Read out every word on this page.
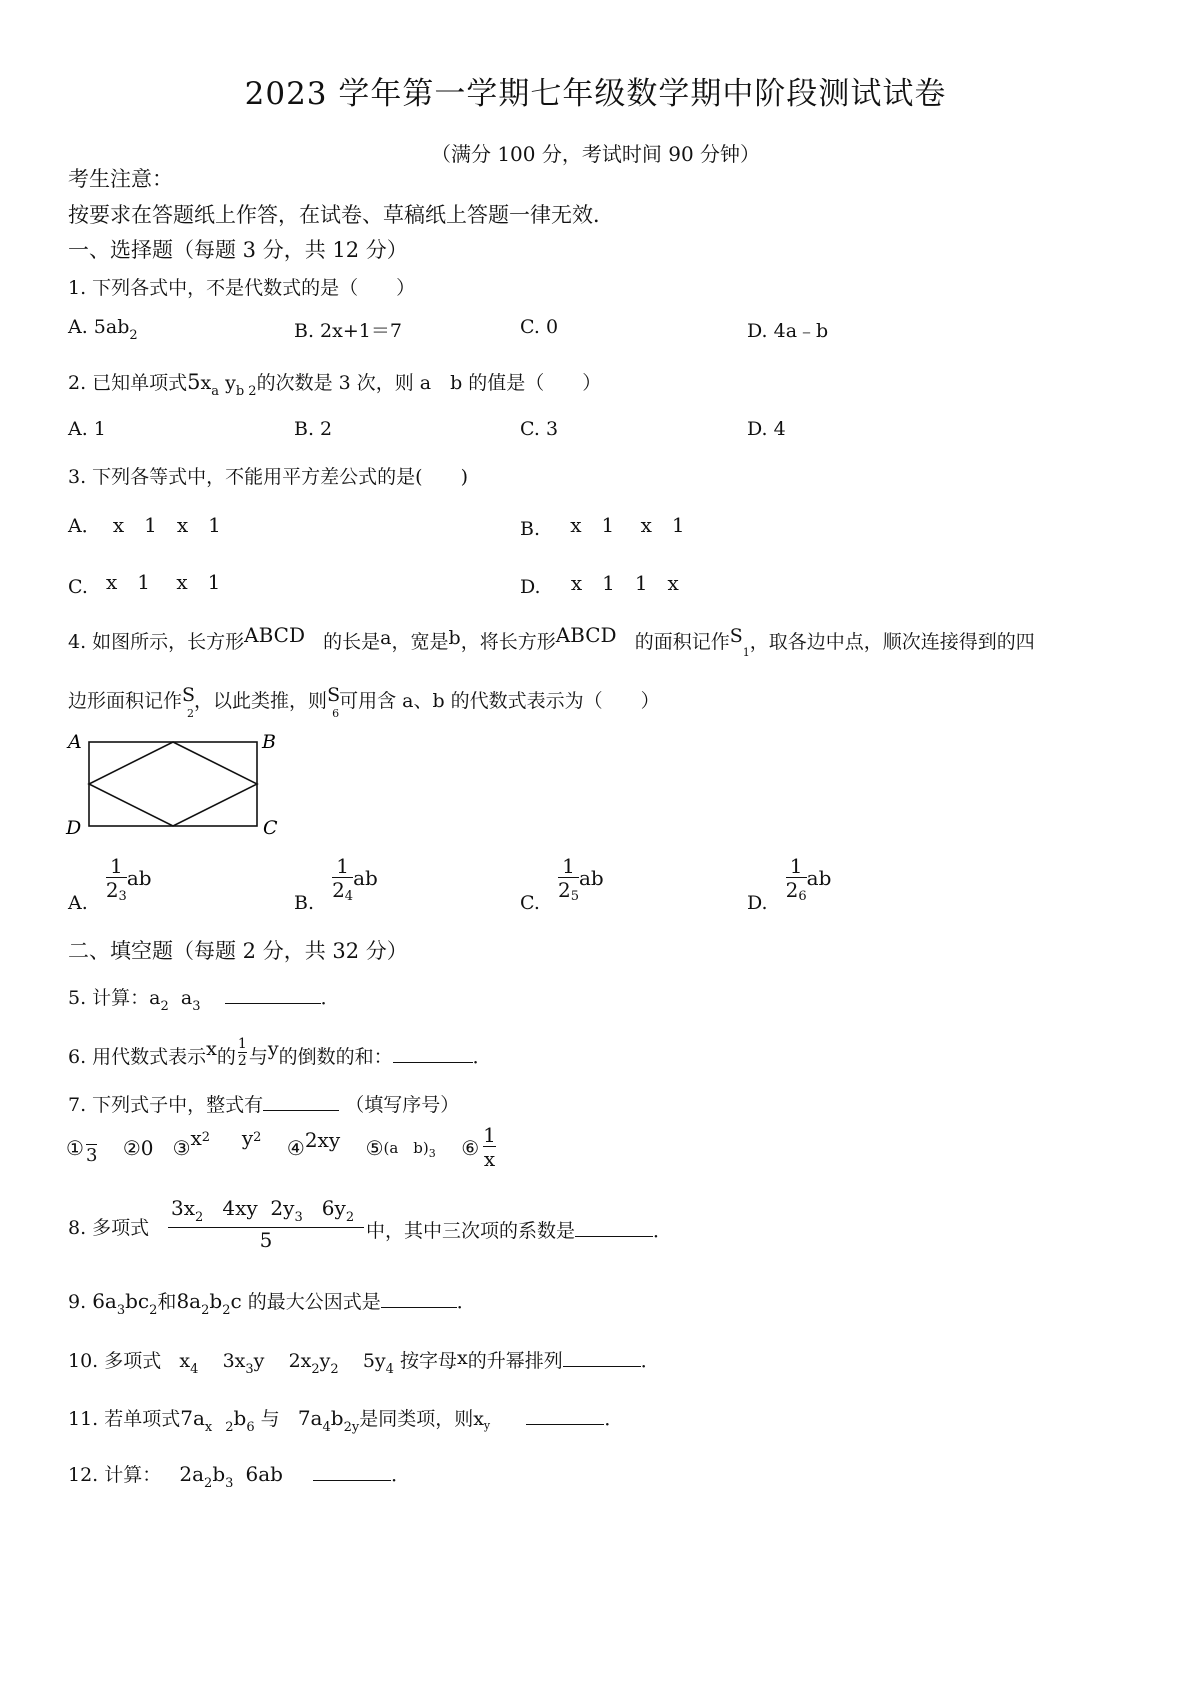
2023 学年第一学期七年级数学期中阶段测试试卷
（满分 100 分，考试时间 90 分钟）
考生注意：
按要求在答题纸上作答，在试卷、草稿纸上答题一律无效．
一、选择题（每题 3 分，共 12 分）
1. 下列各式中，不是代数式的是（　　）
A. $5ab_2$	B. 2x+1＝7	C. 0	D. 4a﹣b
2. 已知单项式$5x_a$ $y_b$ $_2$的次数是 3 次，则 a　b 的值是（　　）
A. 1	B. 2	C. 3	D. 4
3. 下列各等式中，不能用平方差公式的是(　　)
A． x　1　x　1	B. x　1　 x　1
C. x　1　 x　1	D. x　1　1　x
4. 如图所示，长方形ABCD 的长是a，宽是b，将长方形ABCD 的面积记作$S_1$，取各边中点，顺次连接得到的四
边形面积记作$S_2$，以此类推，则$S_6$可用含 a、b 的代数式表示为（　　）
A	B
D	C
A. $\frac{1}{23}$ ab
B. $\frac{1}{24}$ ab
C. $\frac{1}{25}$ ab
D. $\frac{1}{26}$ ab
二、填空题（每题 2 分，共 32 分）
5. 计算：$a_2$ $a_3$	．
6. 用代数式表示x的 $\frac{1}{2}$ 与y的倒数的和：	．
7. 下列式子中，整式有	（填写序号）
①
3 ②0 ③x2 y2 ④2xy $⑤_{(a b)3}$ ⑥ $\frac{1}{x}$
8. 多项式
$3x_2$ 4xy $2y_3$ $6y_2$
5	中，其中三次项的系数是	．
9. $6a_3bc_2$和$8a_2b_2c$ 的最大公因式是	．
10. 多项式 $x_4$ $3x_3y$ $2x_2y_2$ $5y_4$ 按字母x的升幂排列	．
11. 若单项式$7a_{x 2}b_6$ 与 $7a_4b_{2y}$是同类项，则$x_y$	．
12. 计算： $2a_2b_3$ 6ab	．
